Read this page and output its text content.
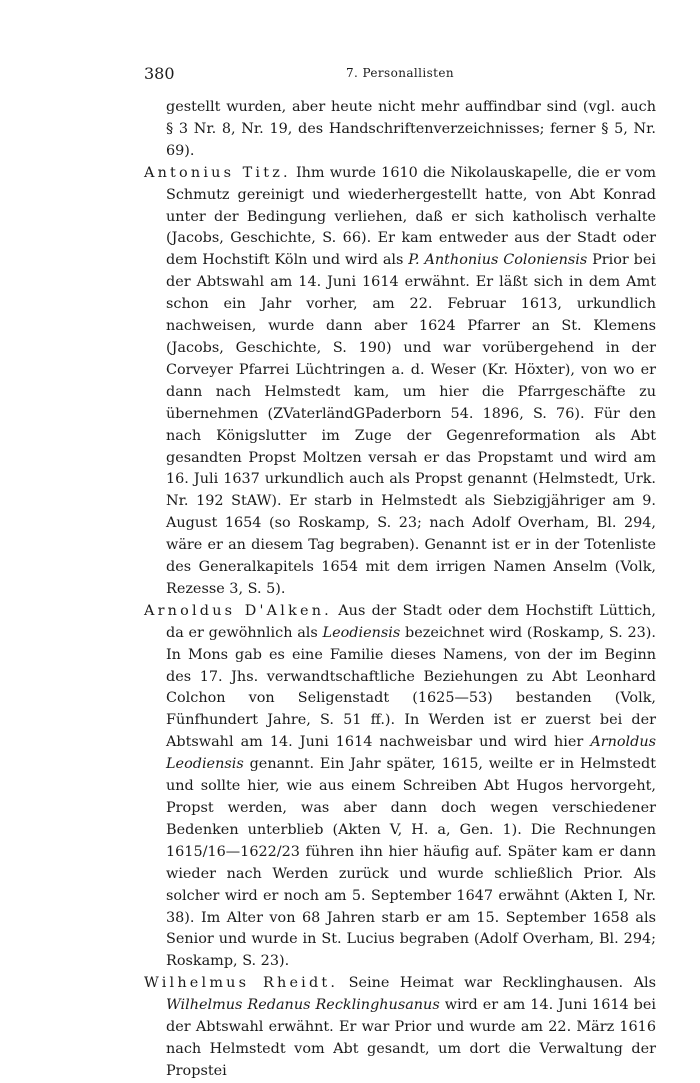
380	7. Personallisten

gestellt wurden, aber heute nicht mehr auffindbar sind (vgl. auch § 3 Nr. 8, Nr. 19, des Handschriftenverzeichnisses; ferner § 5, Nr. 69).

Antonius Titz. Ihm wurde 1610 die Nikolauskapelle, die er vom Schmutz gereinigt und wiederhergestellt hatte, von Abt Konrad unter der Bedingung verliehen, daß er sich katholisch verhalte (Jacobs, Geschichte, S. 66). Er kam entweder aus der Stadt oder dem Hochstift Köln und wird als P. Anthonius Coloniensis Prior bei der Abtswahl am 14. Juni 1614 erwähnt. Er läßt sich in dem Amt schon ein Jahr vorher, am 22. Februar 1613, urkundlich nachweisen, wurde dann aber 1624 Pfarrer an St. Klemens (Jacobs, Geschichte, S. 190) und war vorübergehend in der Corveyer Pfarrei Lüchtringen a. d. Weser (Kr. Höxter), von wo er dann nach Helmstedt kam, um hier die Pfarrgeschäfte zu übernehmen (ZVaterländGPaderborn 54. 1896, S. 76). Für den nach Königslutter im Zuge der Gegenreformation als Abt gesandten Propst Moltzen versah er das Propstamt und wird am 16. Juli 1637 urkundlich auch als Propst genannt (Helmstedt, Urk. Nr. 192 StAW). Er starb in Helmstedt als Siebzigjähriger am 9. August 1654 (so Roskamp, S. 23; nach Adolf Overham, Bl. 294, wäre er an diesem Tag begraben). Genannt ist er in der Totenliste des Generalkapitels 1654 mit dem irrigen Namen Anselm (Volk, Rezesse 3, S. 5).

Arnoldus D'Alken. Aus der Stadt oder dem Hochstift Lüttich, da er gewöhnlich als Leodiensis bezeichnet wird (Roskamp, S. 23). In Mons gab es eine Familie dieses Namens, von der im Beginn des 17. Jhs. verwandtschaftliche Beziehungen zu Abt Leonhard Colchon von Seligenstadt (1625—53) bestanden (Volk, Fünfhundert Jahre, S. 51 ff.). In Werden ist er zuerst bei der Abtswahl am 14. Juni 1614 nachweisbar und wird hier Arnoldus Leodiensis genannt. Ein Jahr später, 1615, weilte er in Helmstedt und sollte hier, wie aus einem Schreiben Abt Hugos hervorgeht, Propst werden, was aber dann doch wegen verschiedener Bedenken unterblieb (Akten V, H. a, Gen. 1). Die Rechnungen 1615/16—1622/23 führen ihn hier häufig auf. Später kam er dann wieder nach Werden zurück und wurde schließlich Prior. Als solcher wird er noch am 5. September 1647 erwähnt (Akten I, Nr. 38). Im Alter von 68 Jahren starb er am 15. September 1658 als Senior und wurde in St. Lucius begraben (Adolf Overham, Bl. 294; Roskamp, S. 23).

Wilhelmus Rheidt. Seine Heimat war Recklinghausen. Als Wilhelmus Redanus Recklinghusanus wird er am 14. Juni 1614 bei der Abtswahl erwähnt. Er war Prior und wurde am 22. März 1616 nach Helmstedt vom Abt gesandt, um dort die Verwaltung der Propstei
